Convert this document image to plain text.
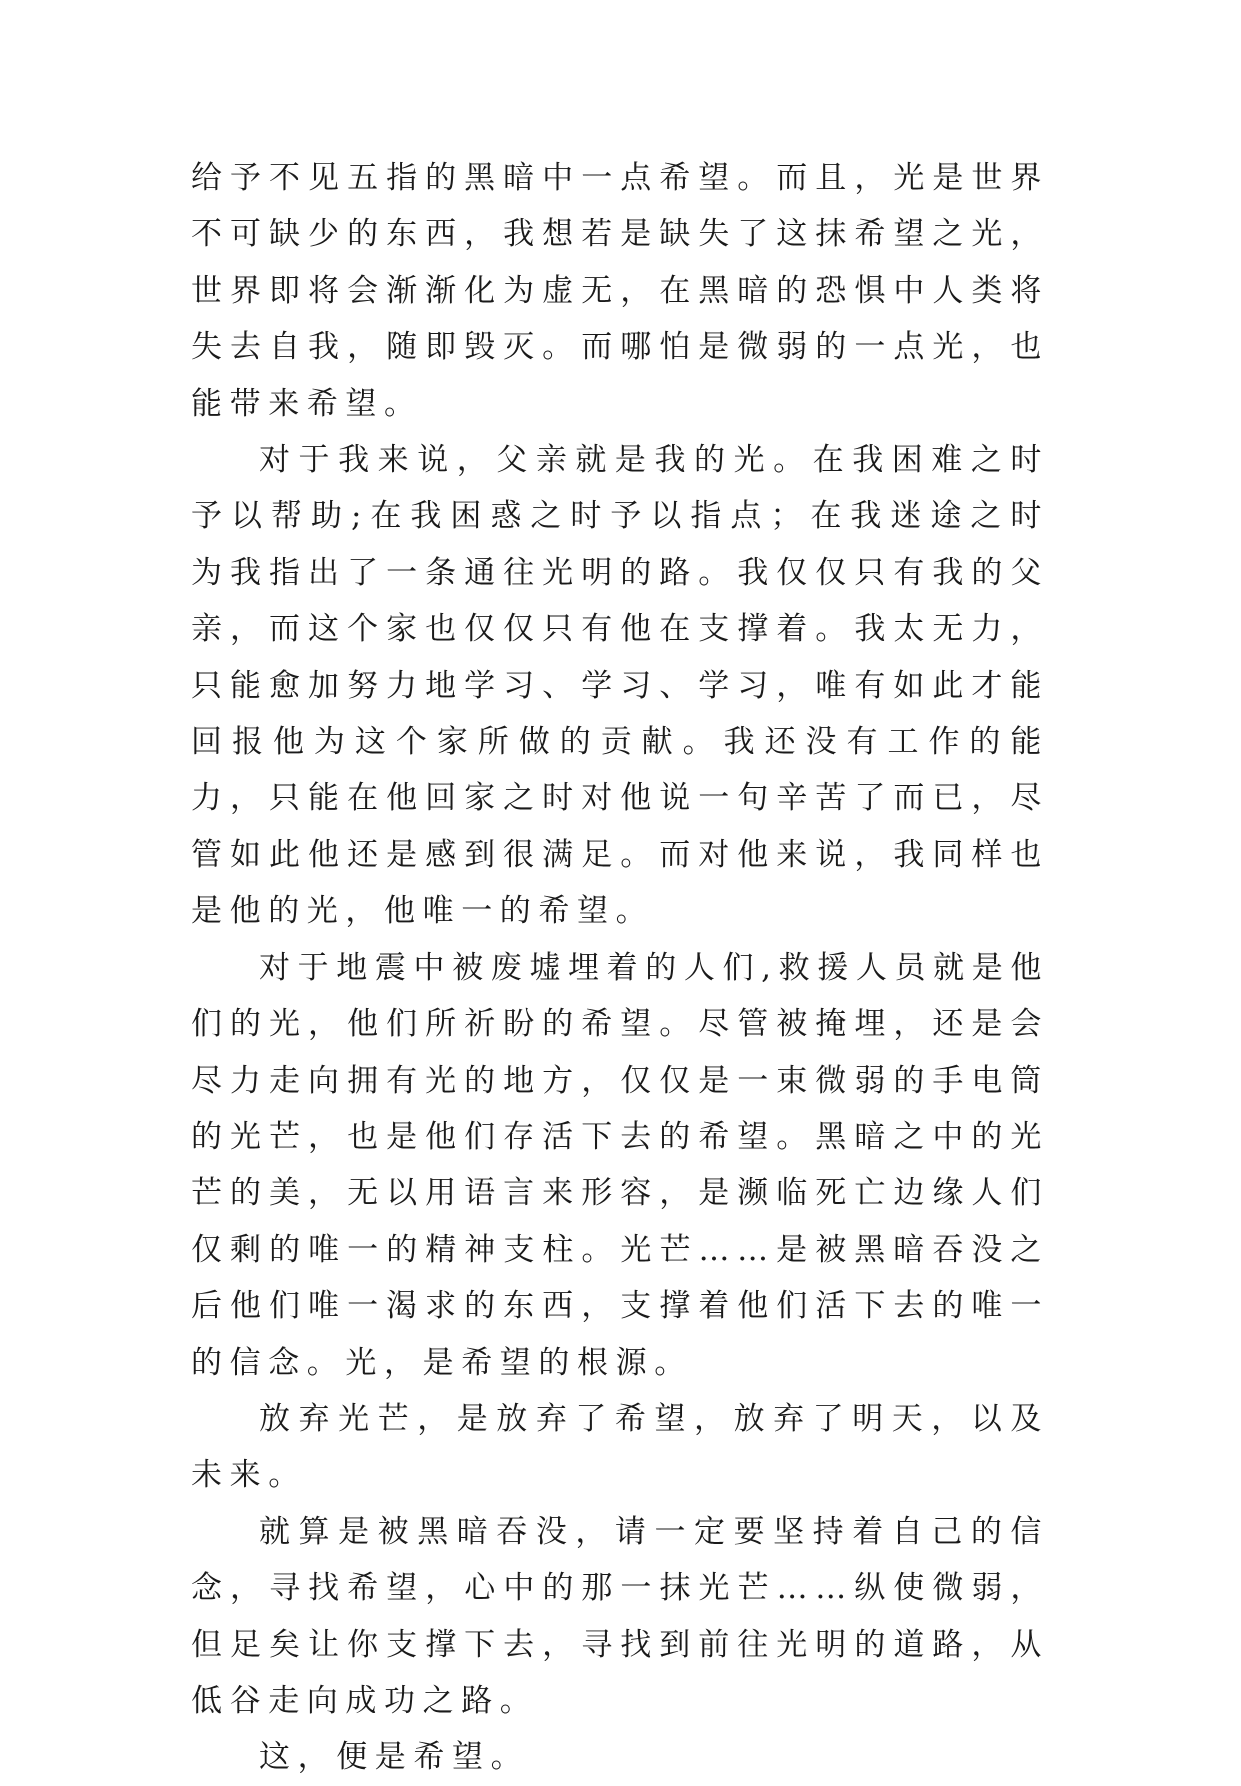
给予不见五指的黑暗中一点希望。而且，光是世界不可缺少的东西，我想若是缺失了这抹希望之光，世界即将会渐渐化为虚无，在黑暗的恐惧中人类将失去自我，随即毁灭。而哪怕是微弱的一点光，也能带来希望。

对于我来说，父亲就是我的光。在我困难之时予以帮助;在我困惑之时予以指点；在我迷途之时为我指出了一条通往光明的路。我仅仅只有我的父亲，而这个家也仅仅只有他在支撑着。我太无力，只能愈加努力地学习、学习、学习，唯有如此才能回报他为这个家所做的贡献。我还没有工作的能力，只能在他回家之时对他说一句辛苦了而已，尽管如此他还是感到很满足。而对他来说，我同样也是他的光，他唯一的希望。

对于地震中被废墟埋着的人们,救援人员就是他们的光，他们所祈盼的希望。尽管被掩埋，还是会尽力走向拥有光的地方，仅仅是一束微弱的手电筒的光芒，也是他们存活下去的希望。黑暗之中的光芒的美，无以用语言来形容，是濒临死亡边缘人们仅剩的唯一的精神支柱。光芒……是被黑暗吞没之后他们唯一渴求的东西，支撑着他们活下去的唯一的信念。光，是希望的根源。

放弃光芒，是放弃了希望，放弃了明天，以及未来。

就算是被黑暗吞没，请一定要坚持着自己的信念，寻找希望，心中的那一抹光芒……纵使微弱，但足矣让你支撑下去，寻找到前往光明的道路，从低谷走向成功之路。

这，便是希望。
